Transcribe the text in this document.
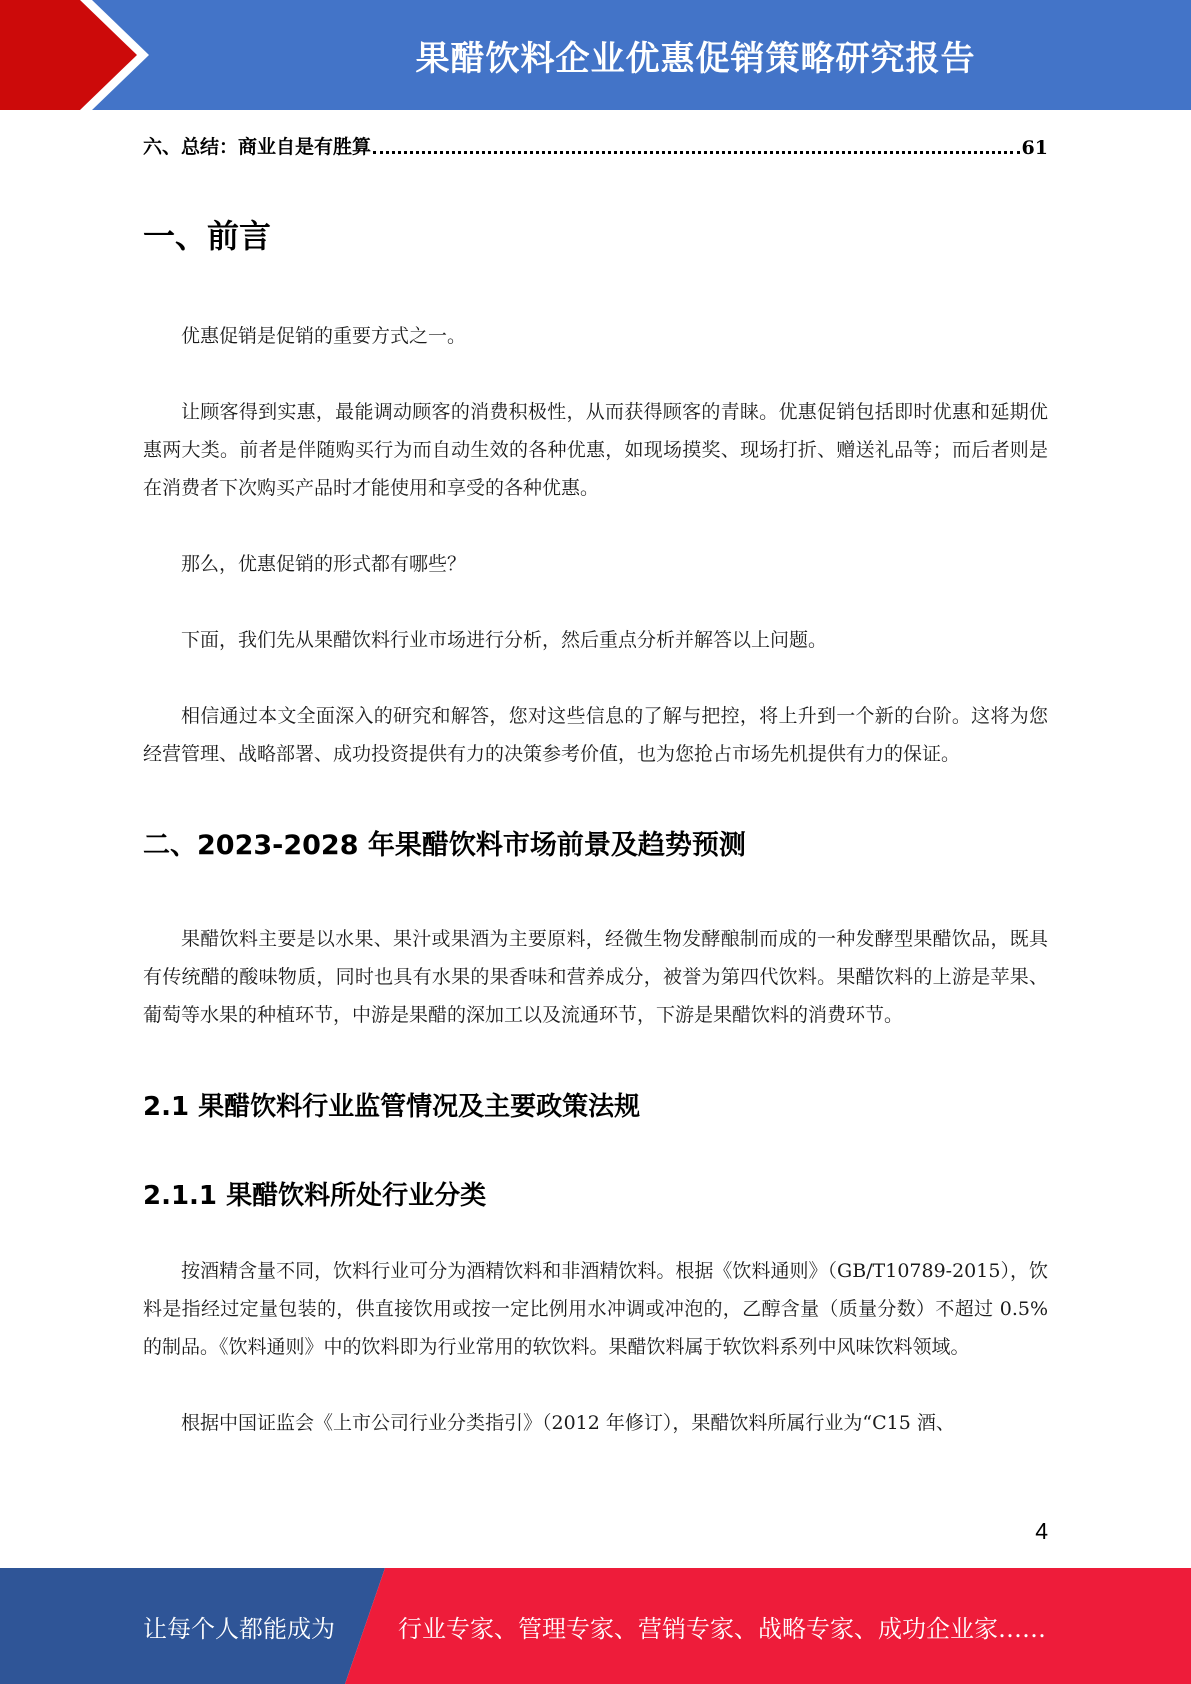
果醋饮料企业优惠促销策略研究报告
六、总结：商业自是有胜算	61
一、前言

优惠促销是促销的重要方式之一。

让顾客得到实惠，最能调动顾客的消费积极性，从而获得顾客的青睐。优惠促销包括即时优惠和延期优惠两大类。前者是伴随购买行为而自动生效的各种优惠，如现场摸奖、现场打折、赠送礼品等；而后者则是在消费者下次购买产品时才能使用和享受的各种优惠。

那么，优惠促销的形式都有哪些？

下面，我们先从果醋饮料行业市场进行分析，然后重点分析并解答以上问题。

相信通过本文全面深入的研究和解答，您对这些信息的了解与把控，将上升到一个新的台阶。这将为您经营管理、战略部署、成功投资提供有力的决策参考价值，也为您抢占市场先机提供有力的保证。

二、2023-2028 年果醋饮料市场前景及趋势预测

果醋饮料主要是以水果、果汁或果酒为主要原料，经微生物发酵酿制而成的一种发酵型果醋饮品，既具有传统醋的酸味物质，同时也具有水果的果香味和营养成分，被誉为第四代饮料。果醋饮料的上游是苹果、葡萄等水果的种植环节，中游是果醋的深加工以及流通环节，下游是果醋饮料的消费环节。

2.1 果醋饮料行业监管情况及主要政策法规
2.1.1 果醋饮料所处行业分类

按酒精含量不同，饮料行业可分为酒精饮料和非酒精饮料。根据《饮料通则》（GB/T10789-2015），饮料是指经过定量包装的，供直接饮用或按一定比例用水冲调或冲泡的，乙醇含量（质量分数）不超过 0.5%的制品。《饮料通则》中的饮料即为行业常用的软饮料。果醋饮料属于软饮料系列中风味饮料领域。

根据中国证监会《上市公司行业分类指引》（2012 年修订），果醋饮料所属行业为“C15 酒、

4
让每个人都能成为	行业专家、管理专家、营销专家、战略专家、成功企业家……
